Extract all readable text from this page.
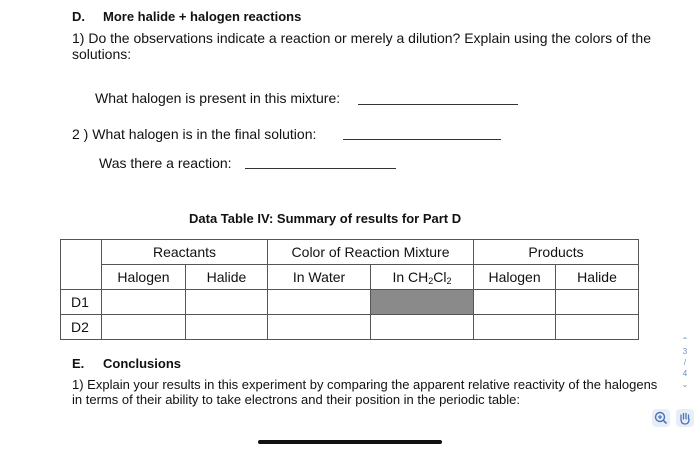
D. More halide + halogen reactions
1) Do the observations indicate a reaction or merely a dilution? Explain using the colors of the solutions:
What halogen is present in this mixture:
2 ) What halogen is in the final solution:
Was there a reaction:
Data Table IV: Summary of results for Part D
	Reactants		Color of Reaction Mixture		Products	
	Halogen	Halide	In Water	In $CH_2Cl_2$	Halogen	Halide
D1						
D2						
E. Conclusions
1) Explain your results in this experiment by comparing the apparent relative reactivity of the halogens in terms of their ability to take electrons and their position in the periodic table:
⌃
3
/
4
⌄
